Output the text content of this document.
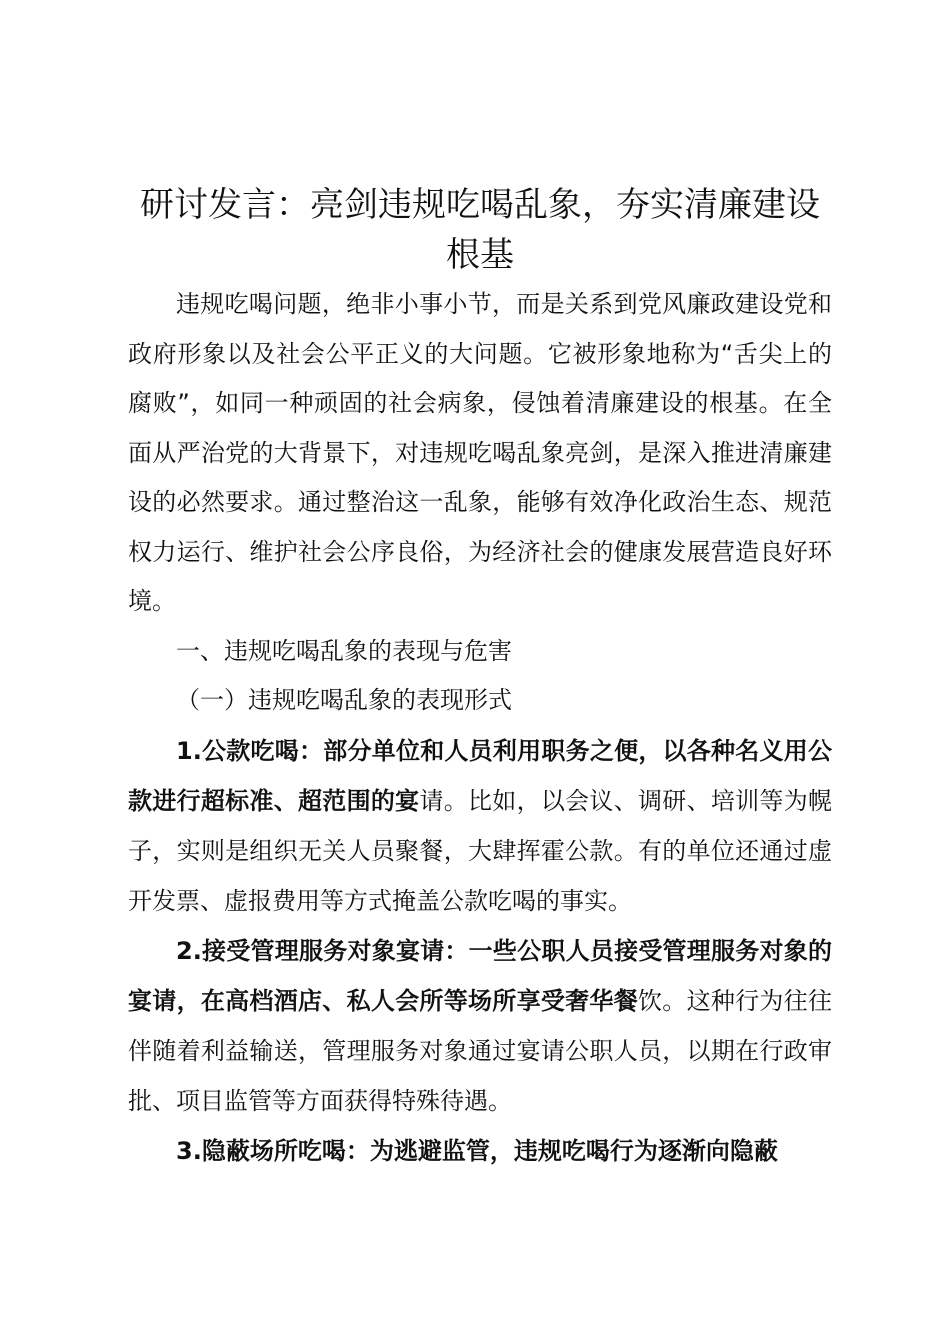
研讨发言：亮剑违规吃喝乱象，夯实清廉建设根基

违规吃喝问题，绝非小事小节，而是关系到党风廉政建设党和政府形象以及社会公平正义的大问题。它被形象地称为“舌尖上的腐败”，如同一种顽固的社会病象，侵蚀着清廉建设的根基。在全面从严治党的大背景下，对违规吃喝乱象亮剑，是深入推进清廉建设的必然要求。通过整治这一乱象，能够有效净化政治生态、规范权力运行、维护社会公序良俗，为经济社会的健康发展营造良好环境。

一、违规吃喝乱象的表现与危害

（一）违规吃喝乱象的表现形式

1.公款吃喝：部分单位和人员利用职务之便，以各种名义用公款进行超标准、超范围的宴请。比如，以会议、调研、培训等为幌子，实则是组织无关人员聚餐，大肆挥霍公款。有的单位还通过虚开发票、虚报费用等方式掩盖公款吃喝的事实。

2.接受管理服务对象宴请：一些公职人员接受管理服务对象的宴请，在高档酒店、私人会所等场所享受奢华餐饮。这种行为往往伴随着利益输送，管理服务对象通过宴请公职人员，以期在行政审批、项目监管等方面获得特殊待遇。

3.隐蔽场所吃喝：为逃避监管，违规吃喝行为逐渐向隐蔽
